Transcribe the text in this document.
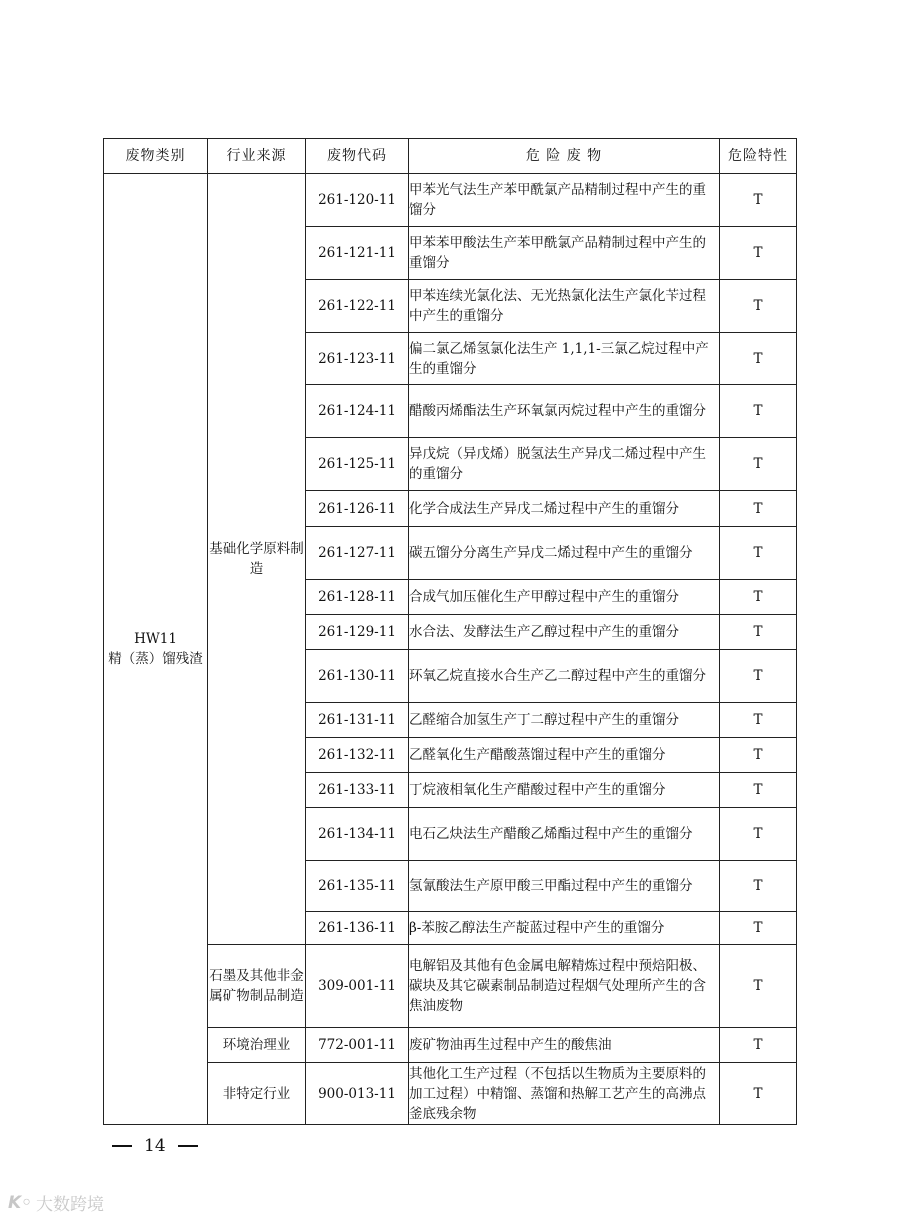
废物类别	行业来源	废物代码	危 险 废 物	危险特性
HW11
精（蒸）馏残渣	基础化学原料制造	261-120-11	甲苯光气法生产苯甲酰氯产品精制过程中产生的重馏分	T
		261-121-11	甲苯苯甲酸法生产苯甲酰氯产品精制过程中产生的重馏分	T
		261-122-11	甲苯连续光氯化法、无光热氯化法生产氯化苄过程中产生的重馏分	T
		261-123-11	偏二氯乙烯氢氯化法生产 1,1,1-三氯乙烷过程中产生的重馏分	T
		261-124-11	醋酸丙烯酯法生产环氧氯丙烷过程中产生的重馏分	T
		261-125-11	异戊烷（异戊烯）脱氢法生产异戊二烯过程中产生的重馏分	T
		261-126-11	化学合成法生产异戊二烯过程中产生的重馏分	T
		261-127-11	碳五馏分分离生产异戊二烯过程中产生的重馏分	T
		261-128-11	合成气加压催化生产甲醇过程中产生的重馏分	T
		261-129-11	水合法、发酵法生产乙醇过程中产生的重馏分	T
		261-130-11	环氧乙烷直接水合生产乙二醇过程中产生的重馏分	T
		261-131-11	乙醛缩合加氢生产丁二醇过程中产生的重馏分	T
		261-132-11	乙醛氧化生产醋酸蒸馏过程中产生的重馏分	T
		261-133-11	丁烷液相氧化生产醋酸过程中产生的重馏分	T
		261-134-11	电石乙炔法生产醋酸乙烯酯过程中产生的重馏分	T
		261-135-11	氢氰酸法生产原甲酸三甲酯过程中产生的重馏分	T
		261-136-11	β-苯胺乙醇法生产靛蓝过程中产生的重馏分	T
	石墨及其他非金属矿物制品制造	309-001-11	电解铝及其他有色金属电解精炼过程中预焙阳极、碳块及其它碳素制品制造过程烟气处理所产生的含焦油废物	T
	环境治理业	772-001-11	废矿物油再生过程中产生的酸焦油	T
	非特定行业	900-013-11	其他化工生产过程（不包括以生物质为主要原料的加工过程）中精馏、蒸馏和热解工艺产生的高沸点釜底残余物	T
14
K◦ 大数跨境
